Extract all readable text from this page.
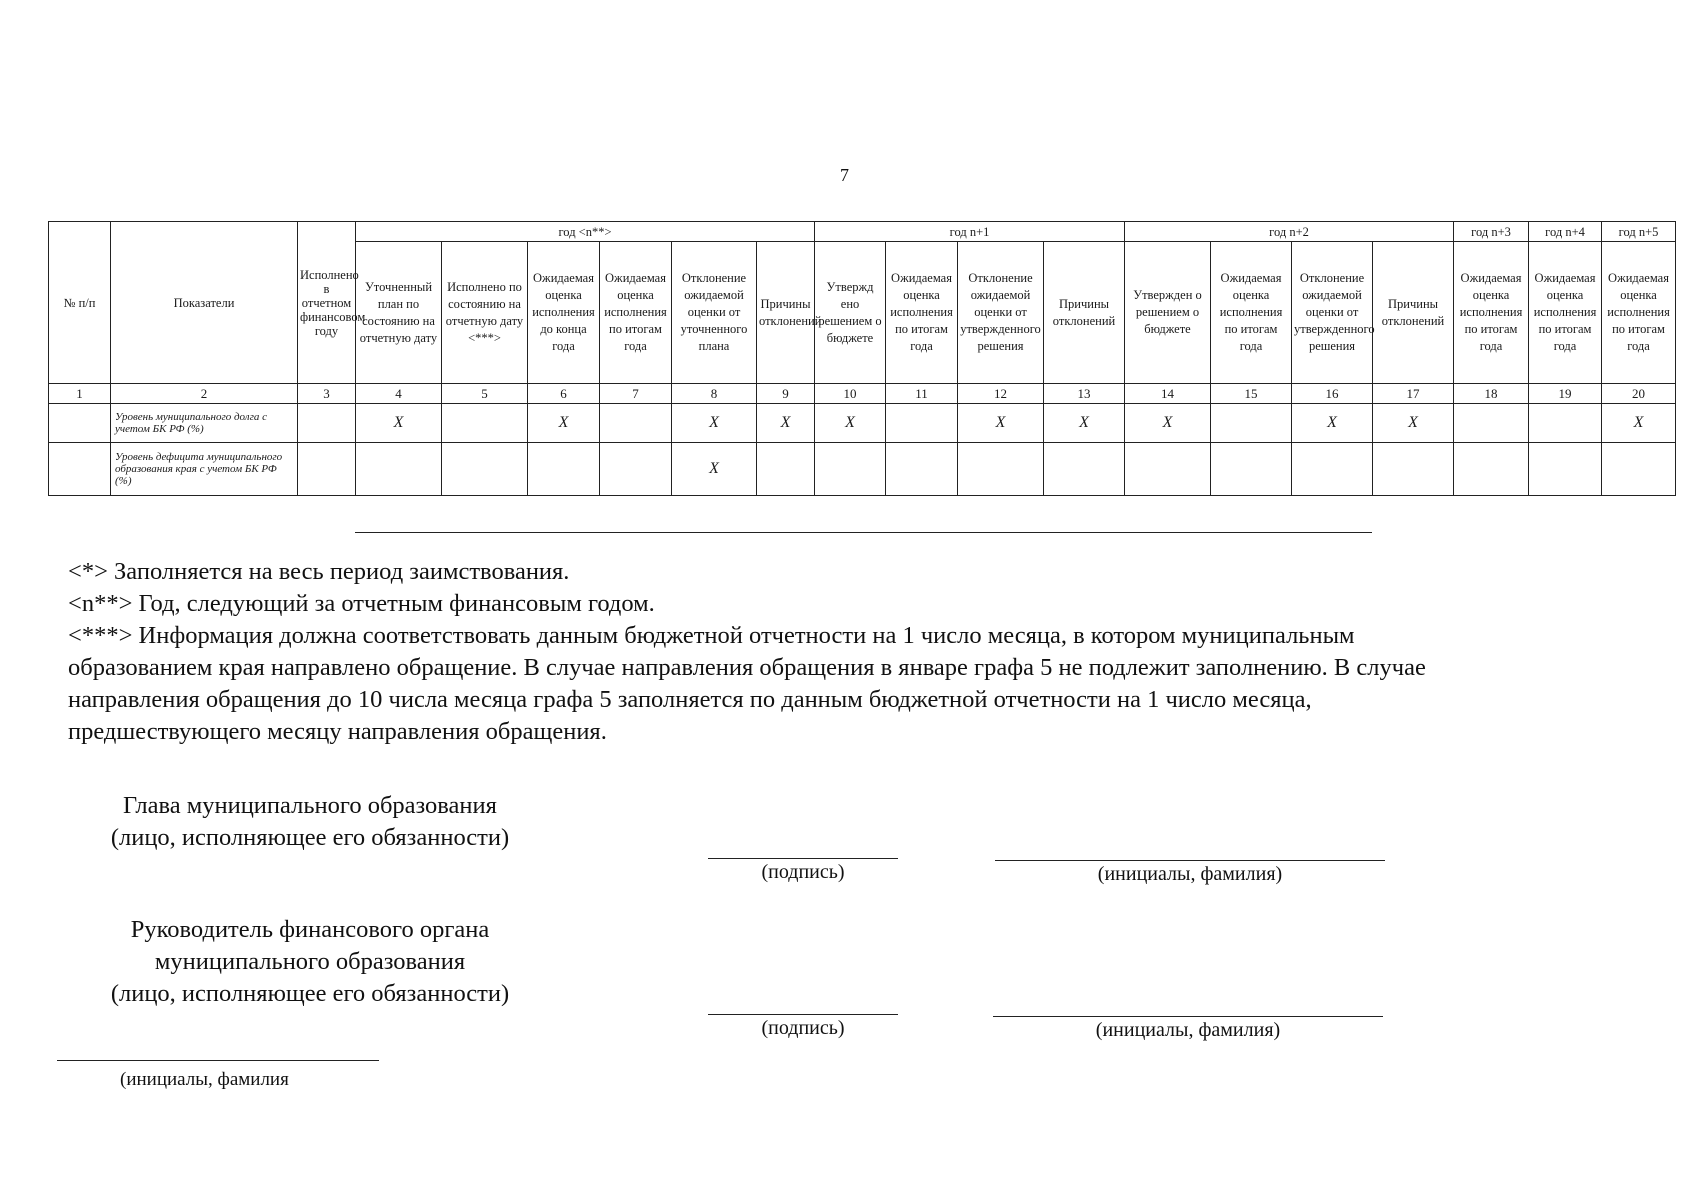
7
№ п/п	Показатели	Исполнено в отчетном финансовом году	год <n**>						год n+1				год n+2				год n+3	год n+4	год n+5
			Уточненный план по состоянию на отчетную дату	Исполнено по состоянию на отчетную дату <***>	Ожидаемая оценка исполнения до конца года	Ожидаемая оценка исполнения по итогам года	Отклонение ожидаемой оценки от уточненного плана	Причины отклонений	Утвержд ено решением о бюджете	Ожидаемая оценка исполнения по итогам года	Отклонение ожидаемой оценки от утвержденного решения	Причины отклонений	Утвержден о решением о бюджете	Ожидаемая оценка исполнения по итогам года	Отклонение ожидаемой оценки от утвержденного решения	Причины отклонений	Ожидаемая оценка исполнения по итогам года	Ожидаемая оценка исполнения по итогам года	Ожидаемая оценка исполнения по итогам года
1	2	3	4	5	6	7	8	9	10	11	12	13	14	15	16	17	18	19	20
	Уровень муниципального долга с учетом БК РФ (%)		X		X		X	X	X		X	X	X		X	X			X
	Уровень дефицита муниципального образования края с учетом БК РФ (%)						X												
<*> Заполняется на весь период заимствования.
<n**> Год, следующий за отчетным финансовым годом.
<***> Информация должна соответствовать данным бюджетной отчетности на 1 число месяца, в котором муниципальным
образованием края направлено обращение. В случае направления обращения в январе графа 5 не подлежит заполнению. В случае
направления обращения до 10 числа месяца графа 5 заполняется по данным бюджетной отчетности на 1 число месяца,
предшествующего месяцу направления обращения.
Глава муниципального образования
(лицо, исполняющее его обязанности)
(подпись)	(инициалы, фамилия)
Руководитель финансового органа
муниципального образования
(лицо, исполняющее его обязанности)
(подпись)	(инициалы, фамилия)
(инициалы, фамилия
